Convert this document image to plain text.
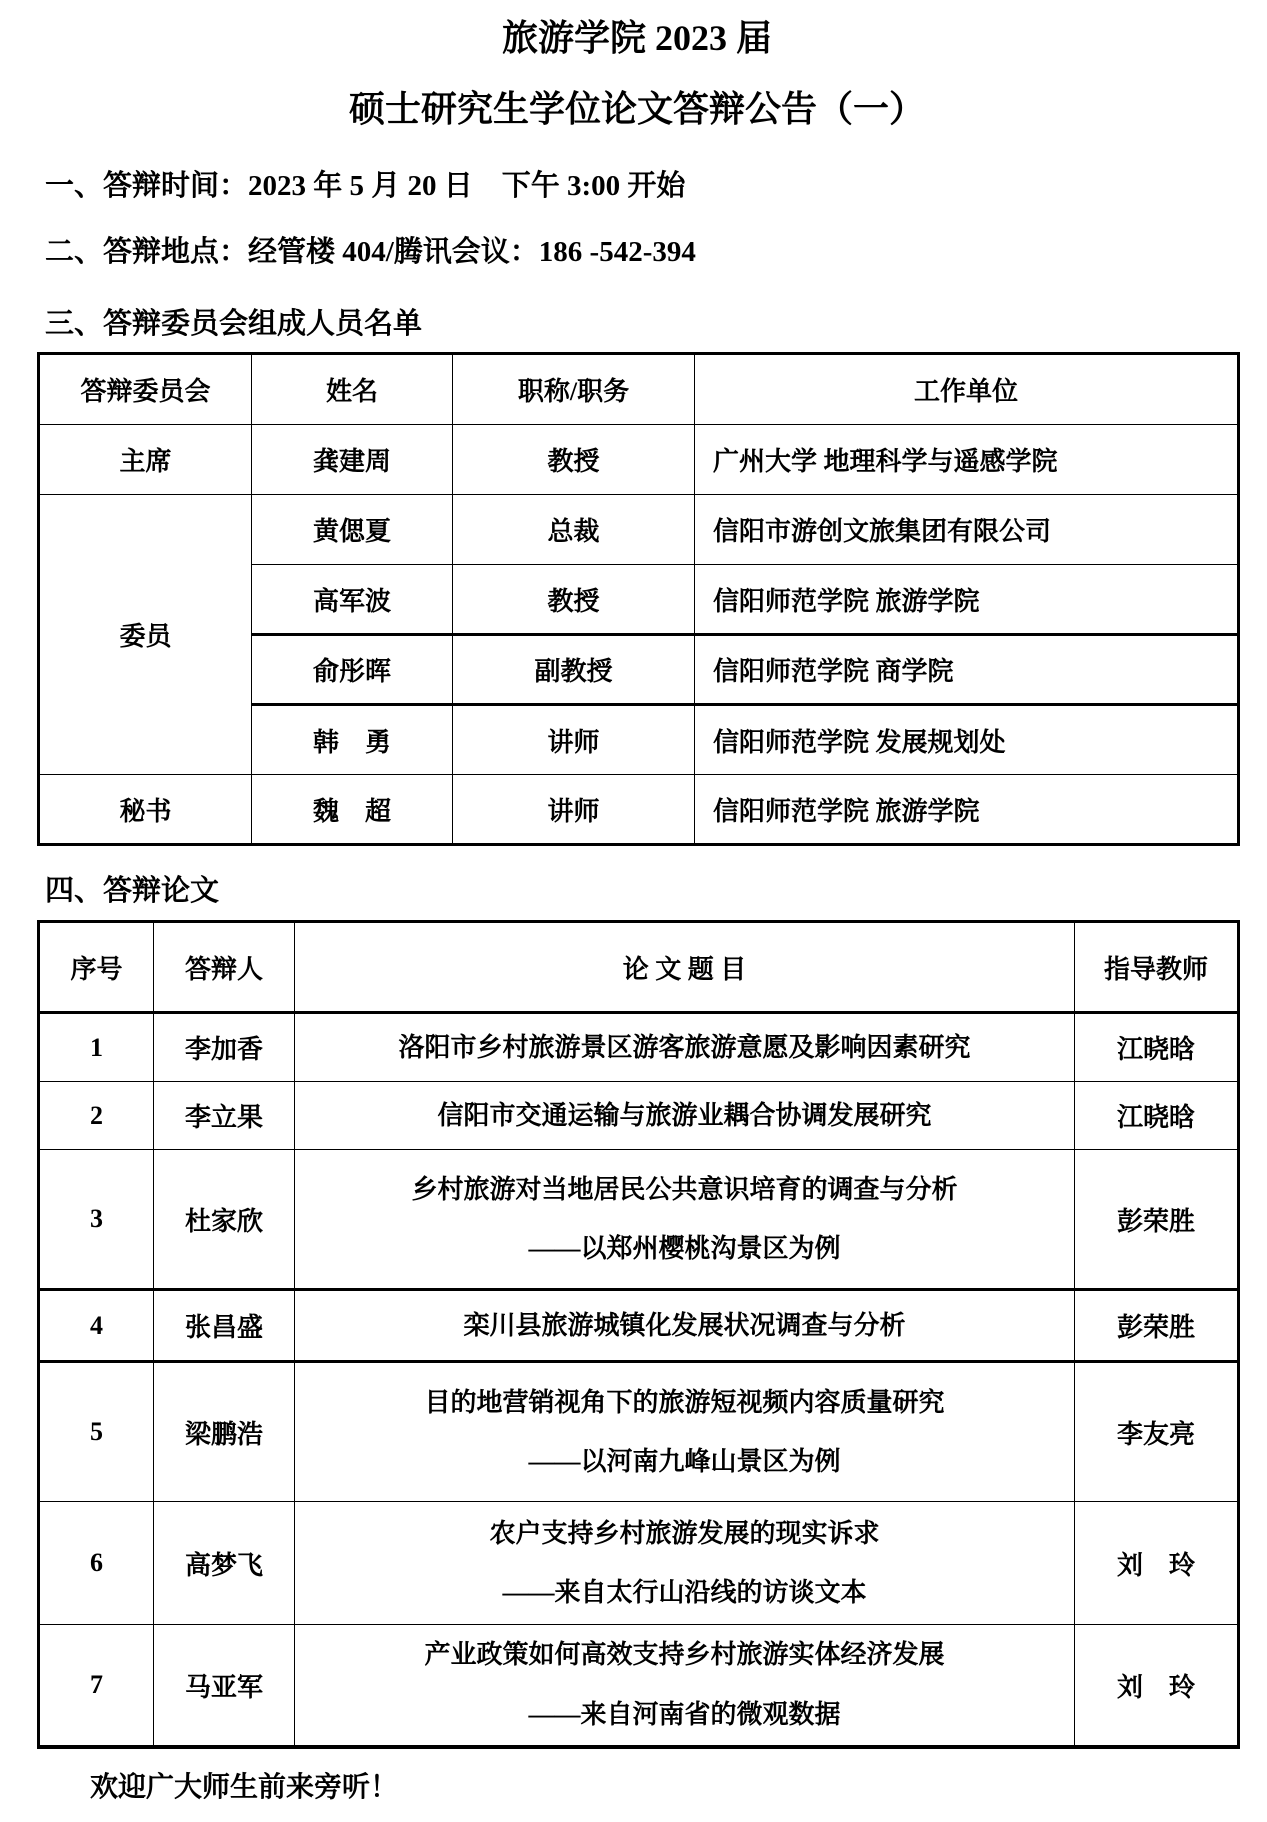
旅游学院 2023 届
硕士研究生学位论文答辩公告（一）
一、答辩时间：2023 年 5 月 20 日　下午 3:00 开始
二、答辩地点：经管楼 404/腾讯会议：186 -542-394
三、答辩委员会组成人员名单
答辩委员会	姓名	职称/职务	工作单位
主席	龚建周	教授	广州大学 地理科学与遥感学院
委员	黄偲夏	总裁	信阳市游创文旅集团有限公司
	高军波	教授	信阳师范学院 旅游学院
	俞彤晖	副教授	信阳师范学院 商学院
	韩　勇	讲师	信阳师范学院 发展规划处
秘书	魏　超	讲师	信阳师范学院 旅游学院
四、答辩论文
序号	答辩人	论 文 题 目	指导教师
1	李加香	洛阳市乡村旅游景区游客旅游意愿及影响因素研究	江晓晗
2	李立果	信阳市交通运输与旅游业耦合协调发展研究	江晓晗
3	杜家欣	乡村旅游对当地居民公共意识培育的调查与分析
——以郑州樱桃沟景区为例	彭荣胜
4	张昌盛	栾川县旅游城镇化发展状况调查与分析	彭荣胜
5	梁鹏浩	目的地营销视角下的旅游短视频内容质量研究
——以河南九峰山景区为例	李友亮
6	高梦飞	农户支持乡村旅游发展的现实诉求
——来自太行山沿线的访谈文本	刘　玲
7	马亚军	产业政策如何高效支持乡村旅游实体经济发展
——来自河南省的微观数据	刘　玲
欢迎广大师生前来旁听！
